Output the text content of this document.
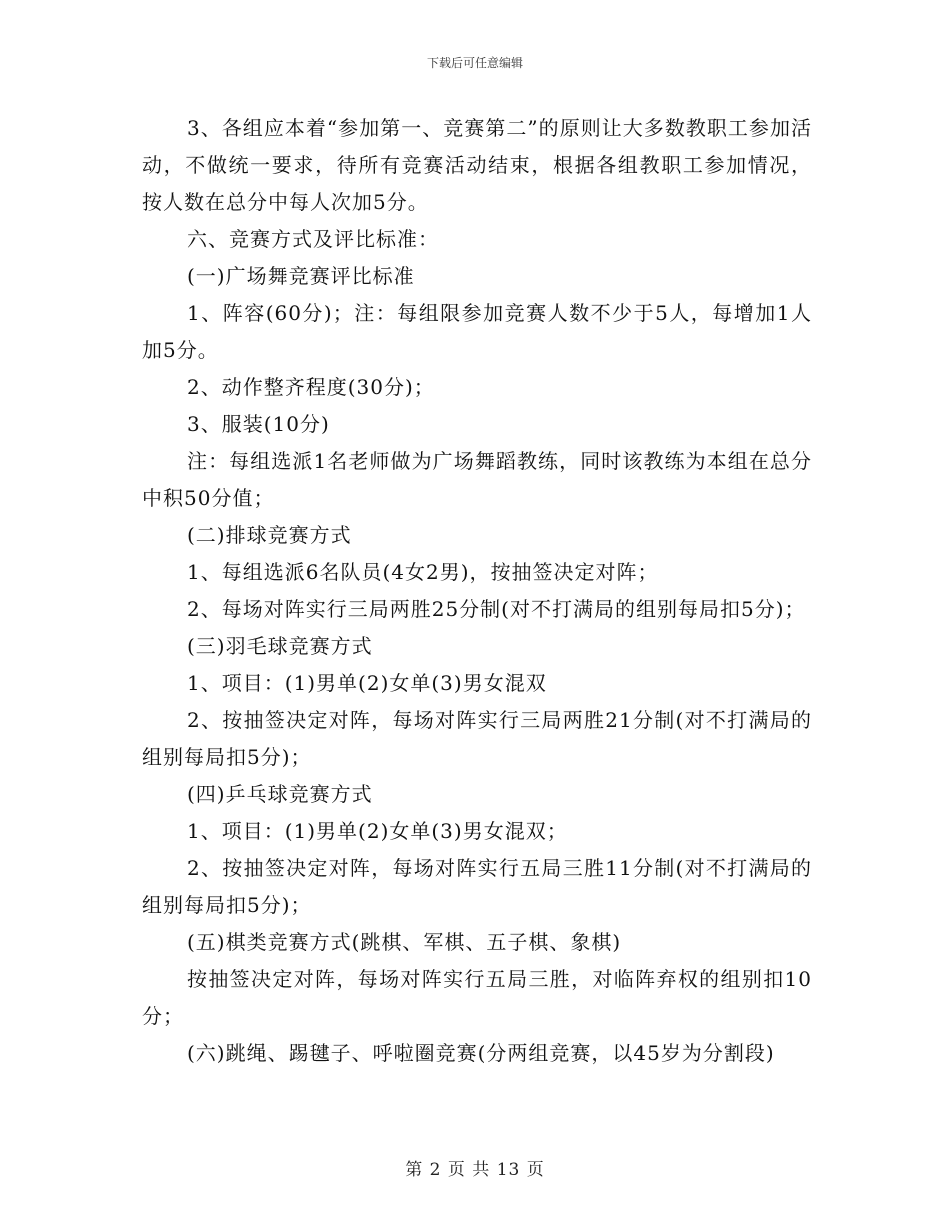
下载后可任意编辑

3、各组应本着“参加第一、竞赛第二”的原则让大多数教职工参加活动，不做统一要求，待所有竞赛活动结束，根据各组教职工参加情况，按人数在总分中每人次加5分。

六、竞赛方式及评比标准：

(一)广场舞竞赛评比标准

1、阵容(60分)；注：每组限参加竞赛人数不少于5人，每增加1人加5分。

2、动作整齐程度(30分)；

3、服装(10分)

注：每组选派1名老师做为广场舞蹈教练，同时该教练为本组在总分中积50分值；

(二)排球竞赛方式

1、每组选派6名队员(4女2男)，按抽签决定对阵；

2、每场对阵实行三局两胜25分制(对不打满局的组别每局扣5分)；

(三)羽毛球竞赛方式

1、项目：(1)男单(2)女单(3)男女混双

2、按抽签决定对阵，每场对阵实行三局两胜21分制(对不打满局的组别每局扣5分)；

(四)乒乓球竞赛方式

1、项目：(1)男单(2)女单(3)男女混双；

2、按抽签决定对阵，每场对阵实行五局三胜11分制(对不打满局的组别每局扣5分)；

(五)棋类竞赛方式(跳棋、军棋、五子棋、象棋)

按抽签决定对阵，每场对阵实行五局三胜，对临阵弃权的组别扣10分；

(六)跳绳、踢毽子、呼啦圈竞赛(分两组竞赛，以45岁为分割段)

第 2 页 共 13 页
